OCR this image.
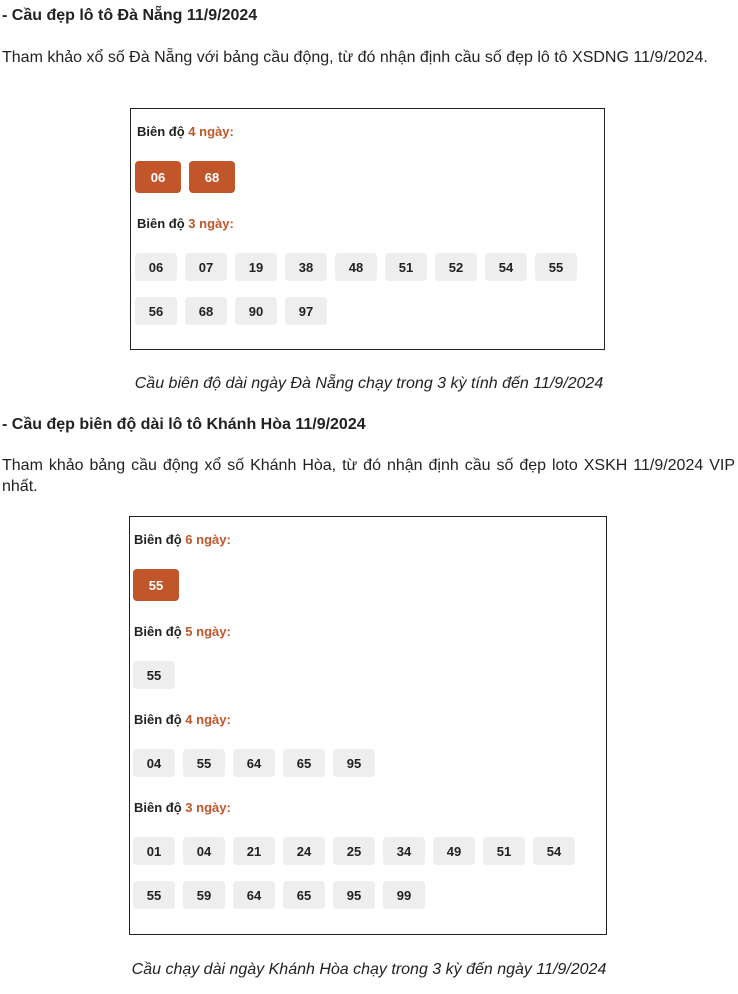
- Cầu đẹp lô tô Đà Nẵng 11/9/2024
Tham khảo xổ số Đà Nẵng với bảng cầu động, từ đó nhận định cầu số đẹp lô tô XSDNG 11/9/2024.
Biên độ 4 ngày:
06	68
Biên độ 3 ngày:
06	07	19	38	48	51	52	54	55
56	68	90	97
Cầu biên độ dài ngày Đà Nẵng chạy trong 3 kỳ tính đến 11/9/2024
- Cầu đẹp biên độ dài lô tô Khánh Hòa 11/9/2024
Tham khảo bảng cầu động xổ số Khánh Hòa, từ đó nhận định cầu số đẹp loto XSKH 11/9/2024 VIP nhất.
Biên độ 6 ngày:
55
Biên độ 5 ngày:
55
Biên độ 4 ngày:
04	55	64	65	95
Biên độ 3 ngày:
01	04	21	24	25	34	49	51	54
55	59	64	65	95	99
Cầu chạy dài ngày Khánh Hòa chạy trong 3 kỳ đến ngày 11/9/2024
